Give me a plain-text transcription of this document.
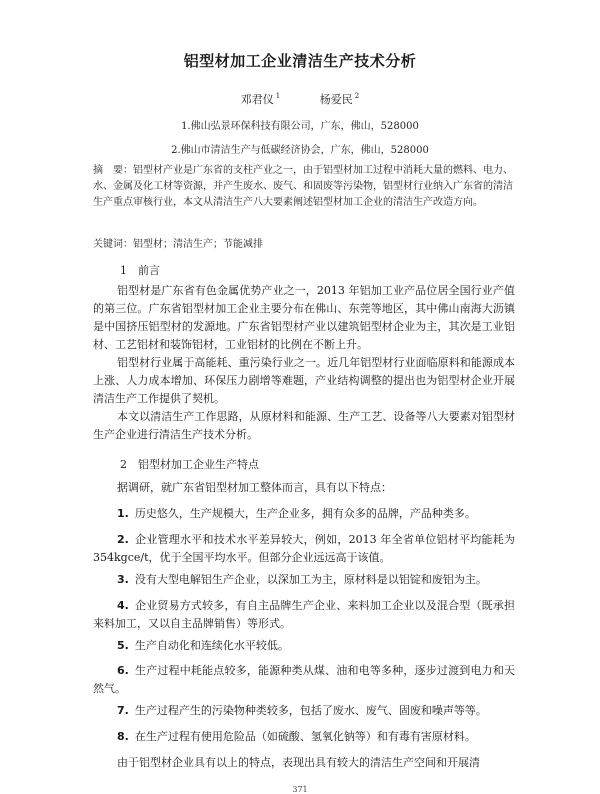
铝型材加工企业清洁生产技术分析
邓君仪 $^1$	杨爱民 $^2$
1.佛山弘景环保科技有限公司，广东，佛山，528000
2.佛山市清洁生产与低碳经济协会，广东，佛山，528000
摘　要：铝型材产业是广东省的支柱产业之一，由于铝型材加工过程中消耗大量的燃料、电力、水、金属及化工材等资源，并产生废水、废气、和固废等污染物，铝型材行业纳入广东省的清洁生产重点审核行业，本文从清洁生产八大要素阐述铝型材加工企业的清洁生产改造方向。
关键词：铝型材；清洁生产；节能减排
1　前言
铝型材是广东省有色金属优势产业之一，2013 年铝加工业产品位居全国行业产值的第三位。广东省铝型材加工企业主要分布在佛山、东莞等地区，其中佛山南海大沥镇是中国挤压铝型材的发源地。广东省铝型材产业以建筑铝型材企业为主，其次是工业铝材、工艺铝材和装饰铝材，工业铝材的比例在不断上升。
铝型材行业属于高能耗、重污染行业之一。近几年铝型材行业面临原料和能源成本上涨、人力成本增加、环保压力剧增等难题，产业结构调整的提出也为铝型材企业开展清洁生产工作提供了契机。
本文以清洁生产工作思路，从原材料和能源、生产工艺、设备等八大要素对铝型材生产企业进行清洁生产技术分析。
2　铝型材加工企业生产特点
据调研，就广东省铝型材加工整体而言，具有以下特点：
1. 历史悠久，生产规模大，生产企业多，拥有众多的品牌，产品种类多。
2. 企业管理水平和技术水平差异较大，例如，2013 年全省单位铝材平均能耗为 354kgce/t，优于全国平均水平。但部分企业远远高于该值。
3. 没有大型电解铝生产企业，以深加工为主，原材料是以铝锭和废铝为主。
4. 企业贸易方式较多，有自主品牌生产企业、来料加工企业以及混合型（既承担来料加工，又以自主品牌销售）等形式。
5. 生产自动化和连续化水平较低。
6. 生产过程中耗能点较多，能源种类从煤、油和电等多种，逐步过渡到电力和天然气。
7. 生产过程产生的污染物种类较多，包括了废水、废气、固废和噪声等等。
8. 在生产过程有使用危险品（如硫酸、氢氧化钠等）和有毒有害原材料。
由于铝型材企业具有以上的特点，表现出具有较大的清洁生产空间和开展清
371
